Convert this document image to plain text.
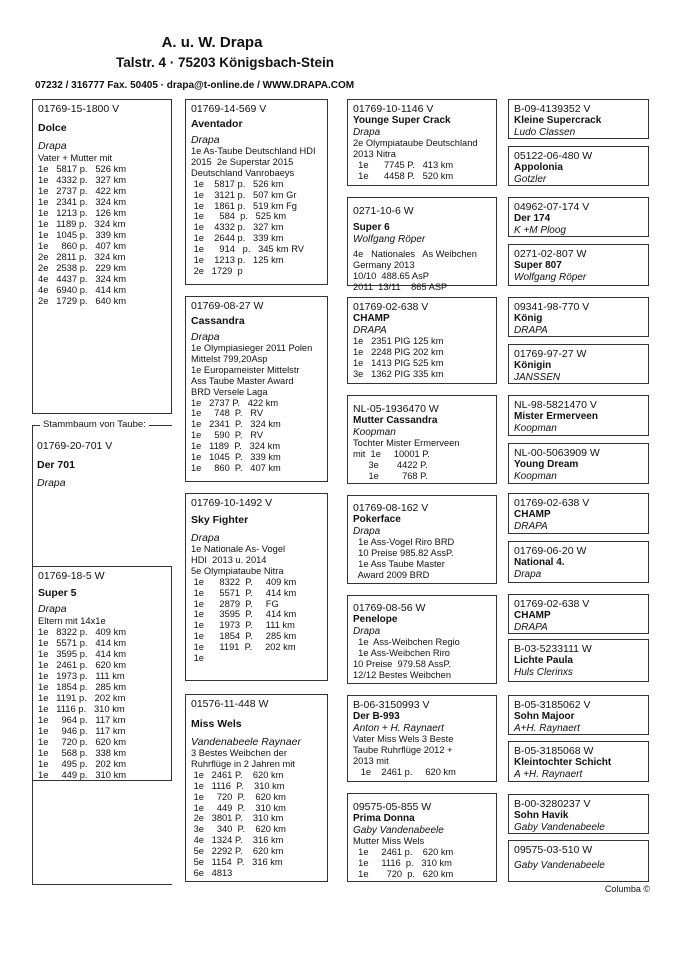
A. u. W. Drapa
Talstr. 4 · 75203 Königsbach-Stein
07232 / 316777 Fax. 50405 · drapa@t-online.de / WWW.DRAPA.COM
01769-15-1800 V
Dolce
Drapa
Vater + Mutter mit
1e   5817 p.   526 km
1e   4332 p.   327 km
1e   2737 p.   422 km
1e   2341 p.   324 km
1e   1213 p.   126 km
1e   1189 p.   324 km
1e   1045 p.   339 km
1e     860 p.   407 km
2e   2811 p.   324 km
2e   2538 p.   229 km
4e   4437 p.   324 km
4e   6940 p.   414 km
2e   1729 p.   640 km
Stammbaum von Taube:
01769-20-701 V
Der 701
Drapa
01769-18-5 W
Super 5
Drapa
Eltern mit 14x1e
1e   8322 p.   409 km
1e   5571 p.   414 km
1e   3595 p.   414 km
1e   2461 p.   620 km
1e   1973 p.   111 km
1e   1854 p.   285 km
1e   1191 p.   202 km
1e   1116 p.   310 km
1e     964 p.   117 km
1e     946 p.   117 km
1e     720 p.   620 km
1e     568 p.   338 km
1e     495 p.   202 km
1e     449 p.   310 km
01769-14-569 V
Aventador
Drapa
1e As-Taube Deutschland HDI
2015  2e Superstar 2015
Deutschland Vanrobaeys
1e    5817 p.   526 km
1e    3121 p.   507 km Gr
1e    1861 p.   519 km Fg
1e      584  p.   525 km
1e    4332 p.   327 km
1e    2644 p.   339 km
1e      914   p.   345 km RV
1e    1213 p.   125 km
2e   1729  p
01769-08-27 W
Cassandra
Drapa
1e Olympiasieger 2011 Polen
Mittelst 799,20Asp
1e Europameister Mittelstr
Ass Taube Master Award
BRD Versele Laga
1e   2737 P.   422 km
1e     748  P.   RV
1e   2341  P.   324 km
1e     590  P.   RV
1e   1189  P.   324 km
1e   1045  P.   339 km
1e     860  P.   407 km
01769-10-1492 V
Sky Fighter
Drapa
1e Nationale As- Vogel
HDI  2013 u. 2014
5e Olympiataube Nitra
1e      8322  P.     409 km
1e      5571  P.     414 km
1e      2879  P.     FG
1e      3595  P.     414 km
1e      1973  P.     111 km
1e      1854  P.     285 km
1e      1191  P.     202 km
1e
01576-11-448 W
Miss Wels
Vandenabeele Raynaer
3 Bestes Weibchen der
Ruhrflüge in 2 Jahren mit
1e   2461 P.    620 km
1e   1116  P.    310 km
1e     720  P.    620 km
1e     449  P.    310 km
2e   3801 P.    310 km
3e     340  P.    620 km
4e   1324 P.    316 km
5e   2292 P.    620 km
5e   1154  P.   316 km
6e   4813
01769-10-1146 V
Younge Super Crack
Drapa
2e Olympiataube Deutschland
2013 Nitra
1e      7745 P.   413 km
1e      4458 P.   520 km
0271-10-6 W
Super 6
Wolfgang Röper
4e   Nationales   As Weibchen
Germany 2013
10/10  488.65 AsP
2011  13/11    865 ASP
01769-02-638 V
CHAMP
DRAPA
1e   2351 PIG 125 km
1e   2248 PIG 202 km
1e   1413 PIG 525 km
3e   1362 PIG 335 km
NL-05-1936470 W
Mutter Cassandra
Koopman
Tochter Mister Ermerveen
mit  1e     10001 P.
3e       4422 P.
1e         768 P.
01769-08-162 V
Pokerface
Drapa
1e Ass-Vogel Riro BRD
10 Preise 985.82 AssP.
1e Ass Taube Master
Award 2009 BRD
01769-08-56 W
Penelope
Drapa
1e  Ass-Weibchen Regio
1e Ass-Weibchen Riro
10 Preise  979.58 AssP.
12/12 Bestes Weibchen
B-06-3150993 V
Der B-993
Anton + H. Raynaert
Vater Miss Wels 3 Beste
Taube Ruhrflüge 2012 +
2013 mit
1e    2461 p.     620 km
09575-05-855 W
Prima Donna
Gaby Vandenabeele
Mutter Miss Wels
1e     2461 p.    620 km
1e     1116  p.   310 km
1e       720  p.   620 km
B-09-4139352 V
Kleine Supercrack
Ludo Classen
05122-06-480 W
Appolonia
Gotzler
04962-07-174 V
Der 174
K +M Ploog
0271-02-807 W
Super 807
Wolfgang Röper
09341-98-770 V
König
DRAPA
01769-97-27 W
Königin
JANSSEN
NL-98-5821470 V
Mister Ermerveen
Koopman
NL-00-5063909 W
Young Dream
Koopman
01769-02-638 V
CHAMP
DRAPA
01769-06-20 W
National 4.
Drapa
01769-02-638 V
CHAMP
DRAPA
B-03-5233111 W
Lichte Paula
Huls Clerinxs
B-05-3185062 V
Sohn Majoor
A+H. Raynaert
B-05-3185068 W
Kleintochter Schicht
A +H. Raynaert
B-00-3280237 V
Sohn Havik
Gaby Vandenabeele
09575-03-510 W
Gaby Vandenabeele
Columba ©
